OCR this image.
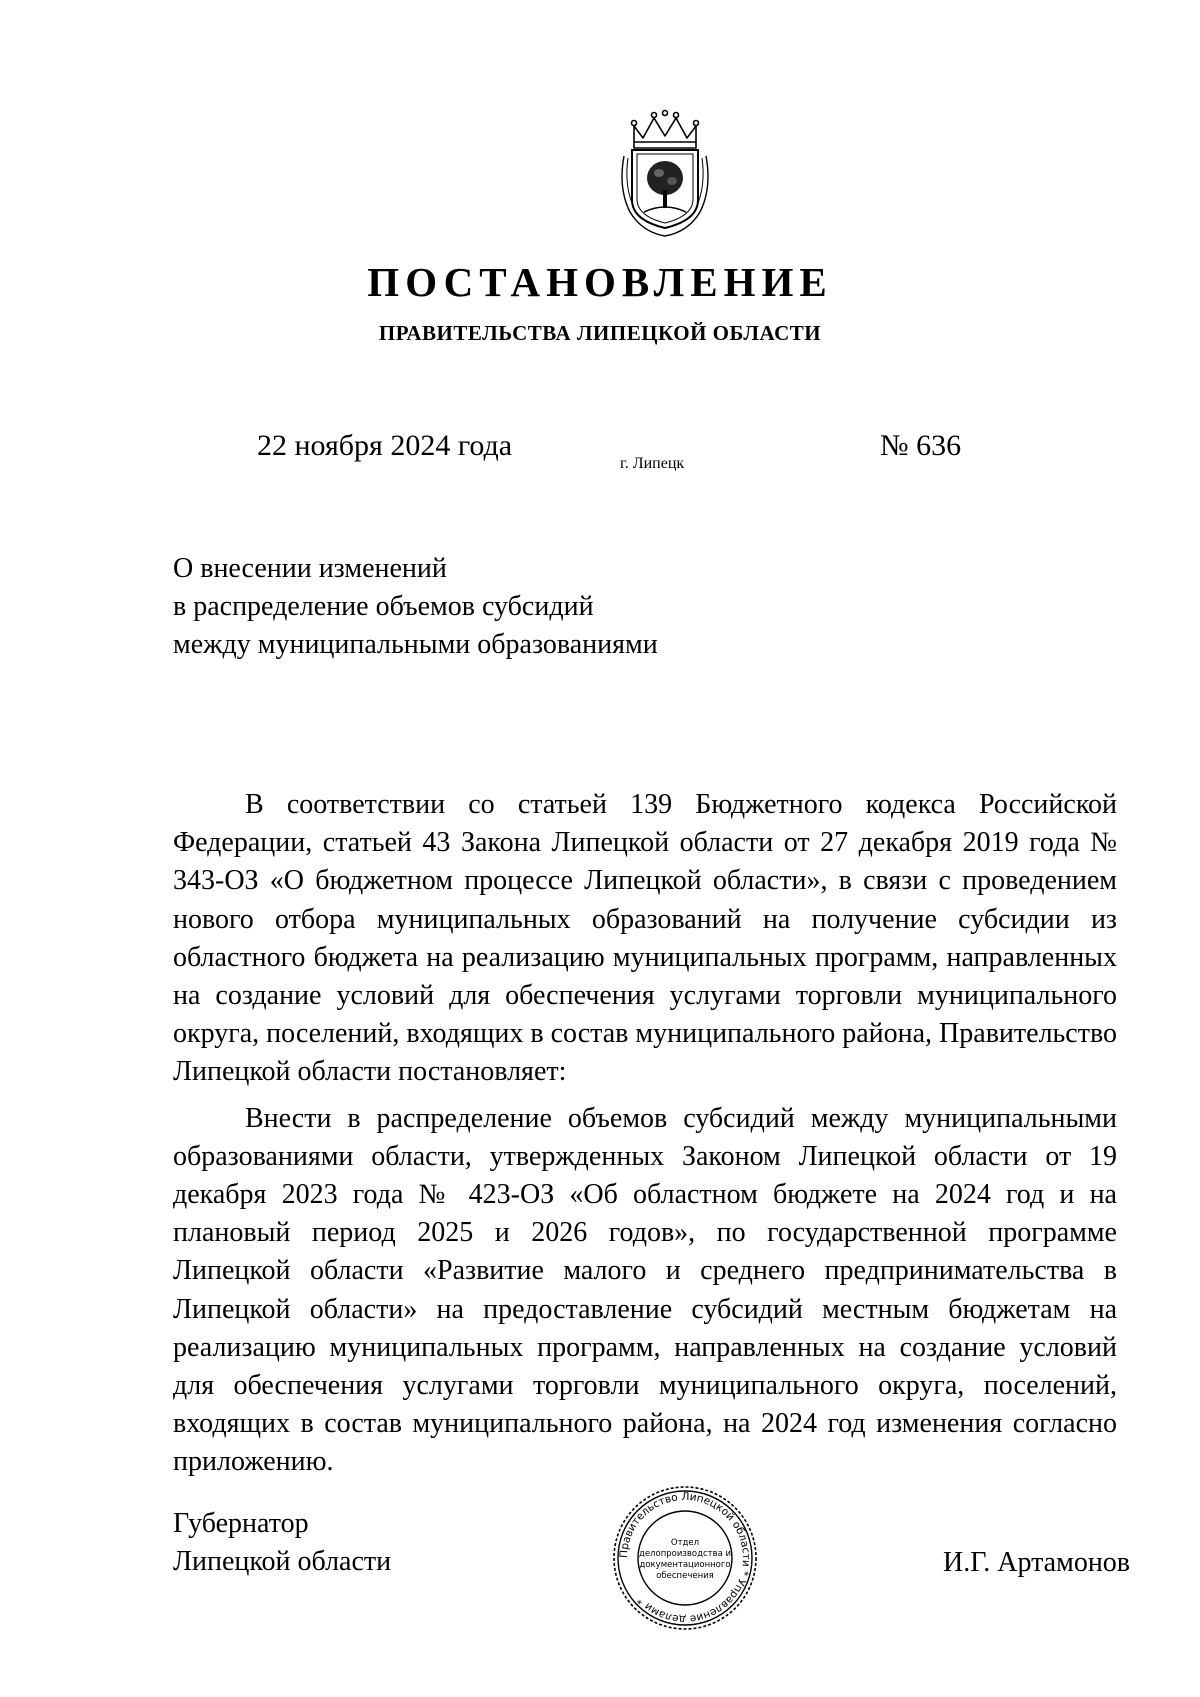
ПОСТАНОВЛЕНИЕ
ПРАВИТЕЛЬСТВА ЛИПЕЦКОЙ ОБЛАСТИ
22 ноября 2024 года
г. Липецк
№ 636
О внесении изменений
в распределение объемов субсидий
между муниципальными образованиями

В соответствии со статьей 139 Бюджетного кодекса Российской Федерации, статьей 43 Закона Липецкой области от 27 декабря 2019 года № 343-ОЗ «О бюджетном процессе Липецкой области», в связи с проведением нового отбора муниципальных образований на получение субсидии из областного бюджета на реализацию муниципальных программ, направленных на создание условий для обеспечения услугами торговли муниципального округа, поселений, входящих в состав муниципального района, Правительство Липецкой области постановляет:

Внести в распределение объемов субсидий между муниципальными образованиями области, утвержденных Законом Липецкой области от 19 декабря 2023 года № 423-ОЗ «Об областном бюджете на 2024 год и на плановый период 2025 и 2026 годов», по государственной программе Липецкой области «Развитие малого и среднего предпринимательства в Липецкой области» на предоставление субсидий местным бюджетам на реализацию муниципальных программ, направленных на создание условий для обеспечения услугами торговли муниципального округа, поселений, входящих в состав муниципального района, на 2024 год изменения согласно приложению.

Губернатор
Липецкой области	Правительство Липецкой области * Управление делами *
Отдел
делопроизводства и
документационного
обеспечения	И.Г. Артамонов
